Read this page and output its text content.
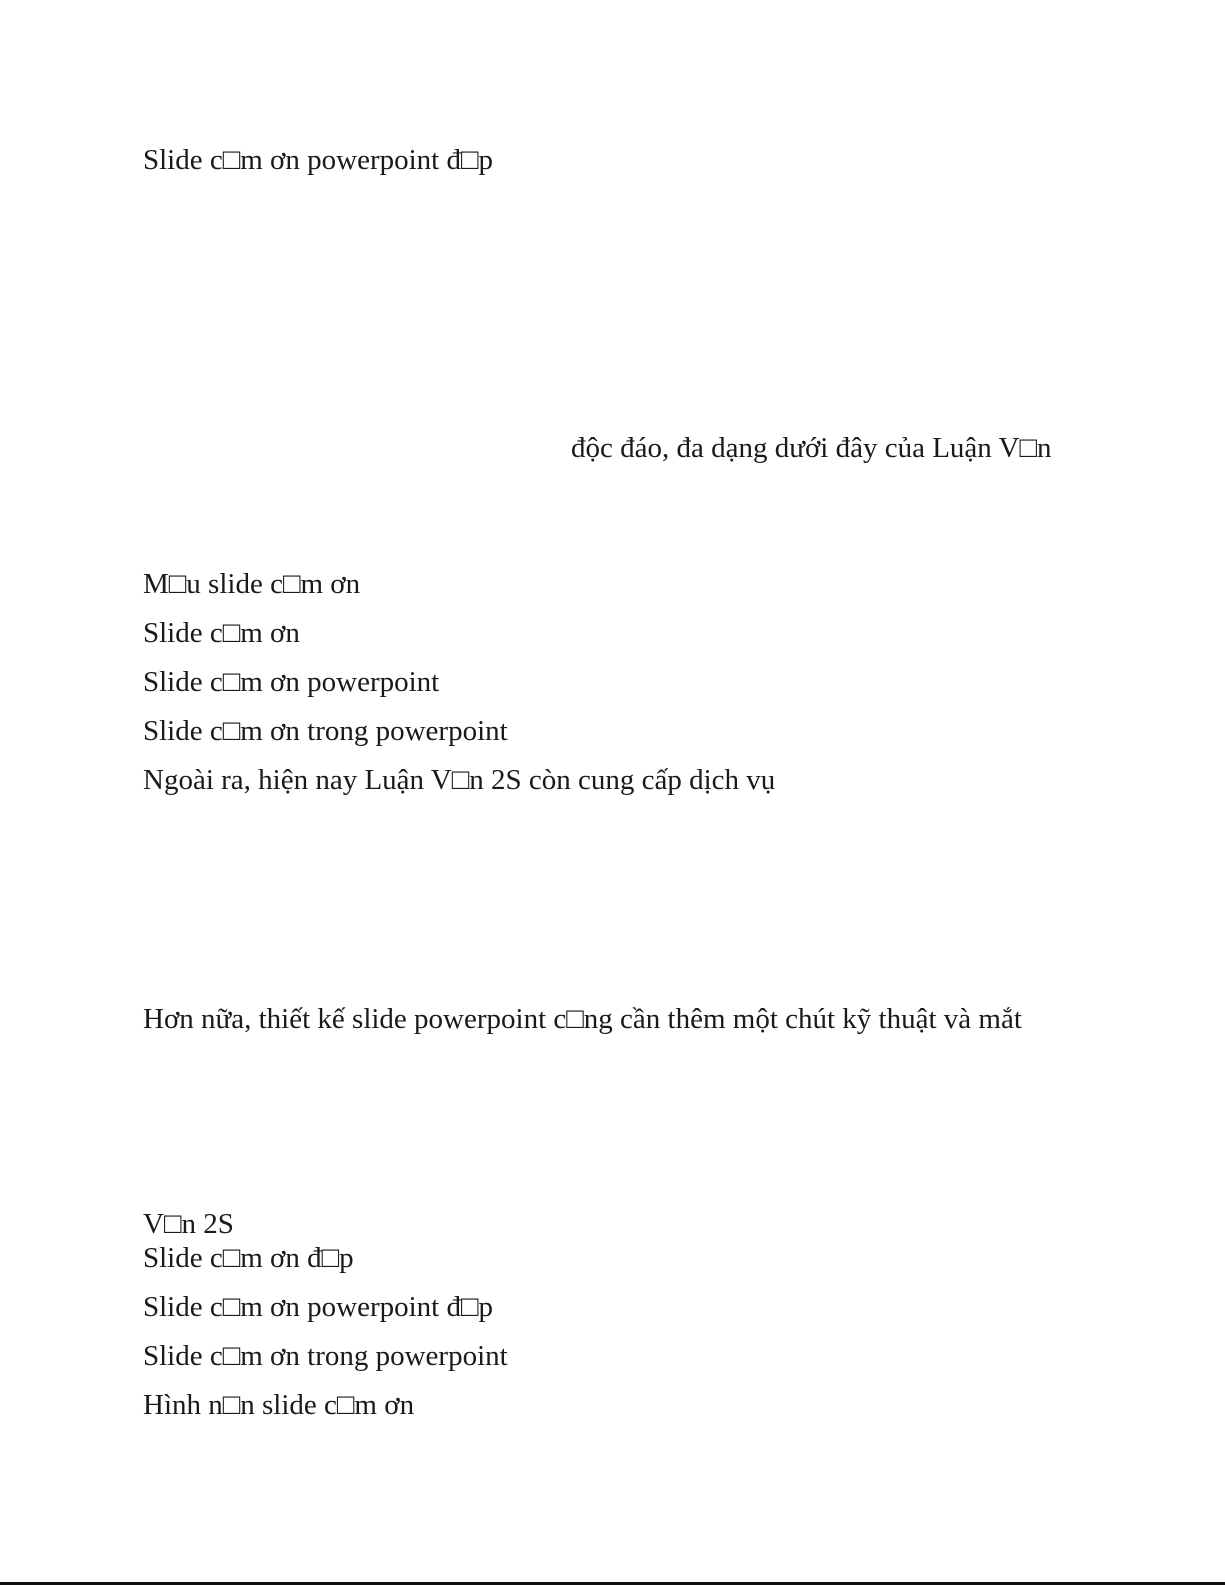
Slide c□m ơn powerpoint đ□p
độc đáo, đa dạng dưới đây của Luận V□n
M□u slide c□m ơn
Slide c□m ơn
Slide c□m ơn powerpoint
Slide c□m ơn trong powerpoint
Ngoài ra, hiện nay Luận V□n 2S còn cung cấp dịch vụ
Hơn nữa, thiết kế slide powerpoint c□ng cần thêm một chút kỹ thuật và mắt
V□n 2S
Slide c□m ơn đ□p
Slide c□m ơn powerpoint đ□p
Slide c□m ơn trong powerpoint
Hình n□n slide c□m ơn
